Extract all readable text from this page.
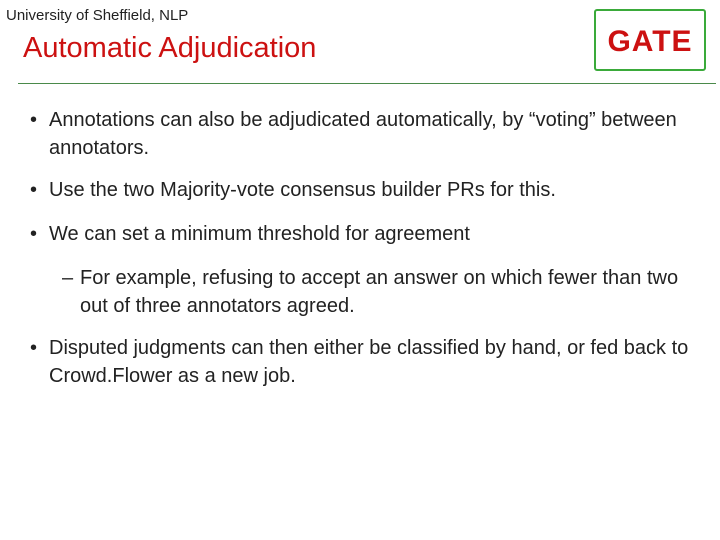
University of Sheffield, NLP
Automatic Adjudication	GATE
• Annotations can also be adjudicated automatically, by “voting” between annotators.
• Use the two Majority-vote consensus builder PRs for this.
• We can set a minimum threshold for agreement
– For example, refusing to accept an answer on which fewer than two out of three annotators agreed.
• Disputed judgments can then either be classified by hand, or fed back to Crowd.Flower as a new job.
